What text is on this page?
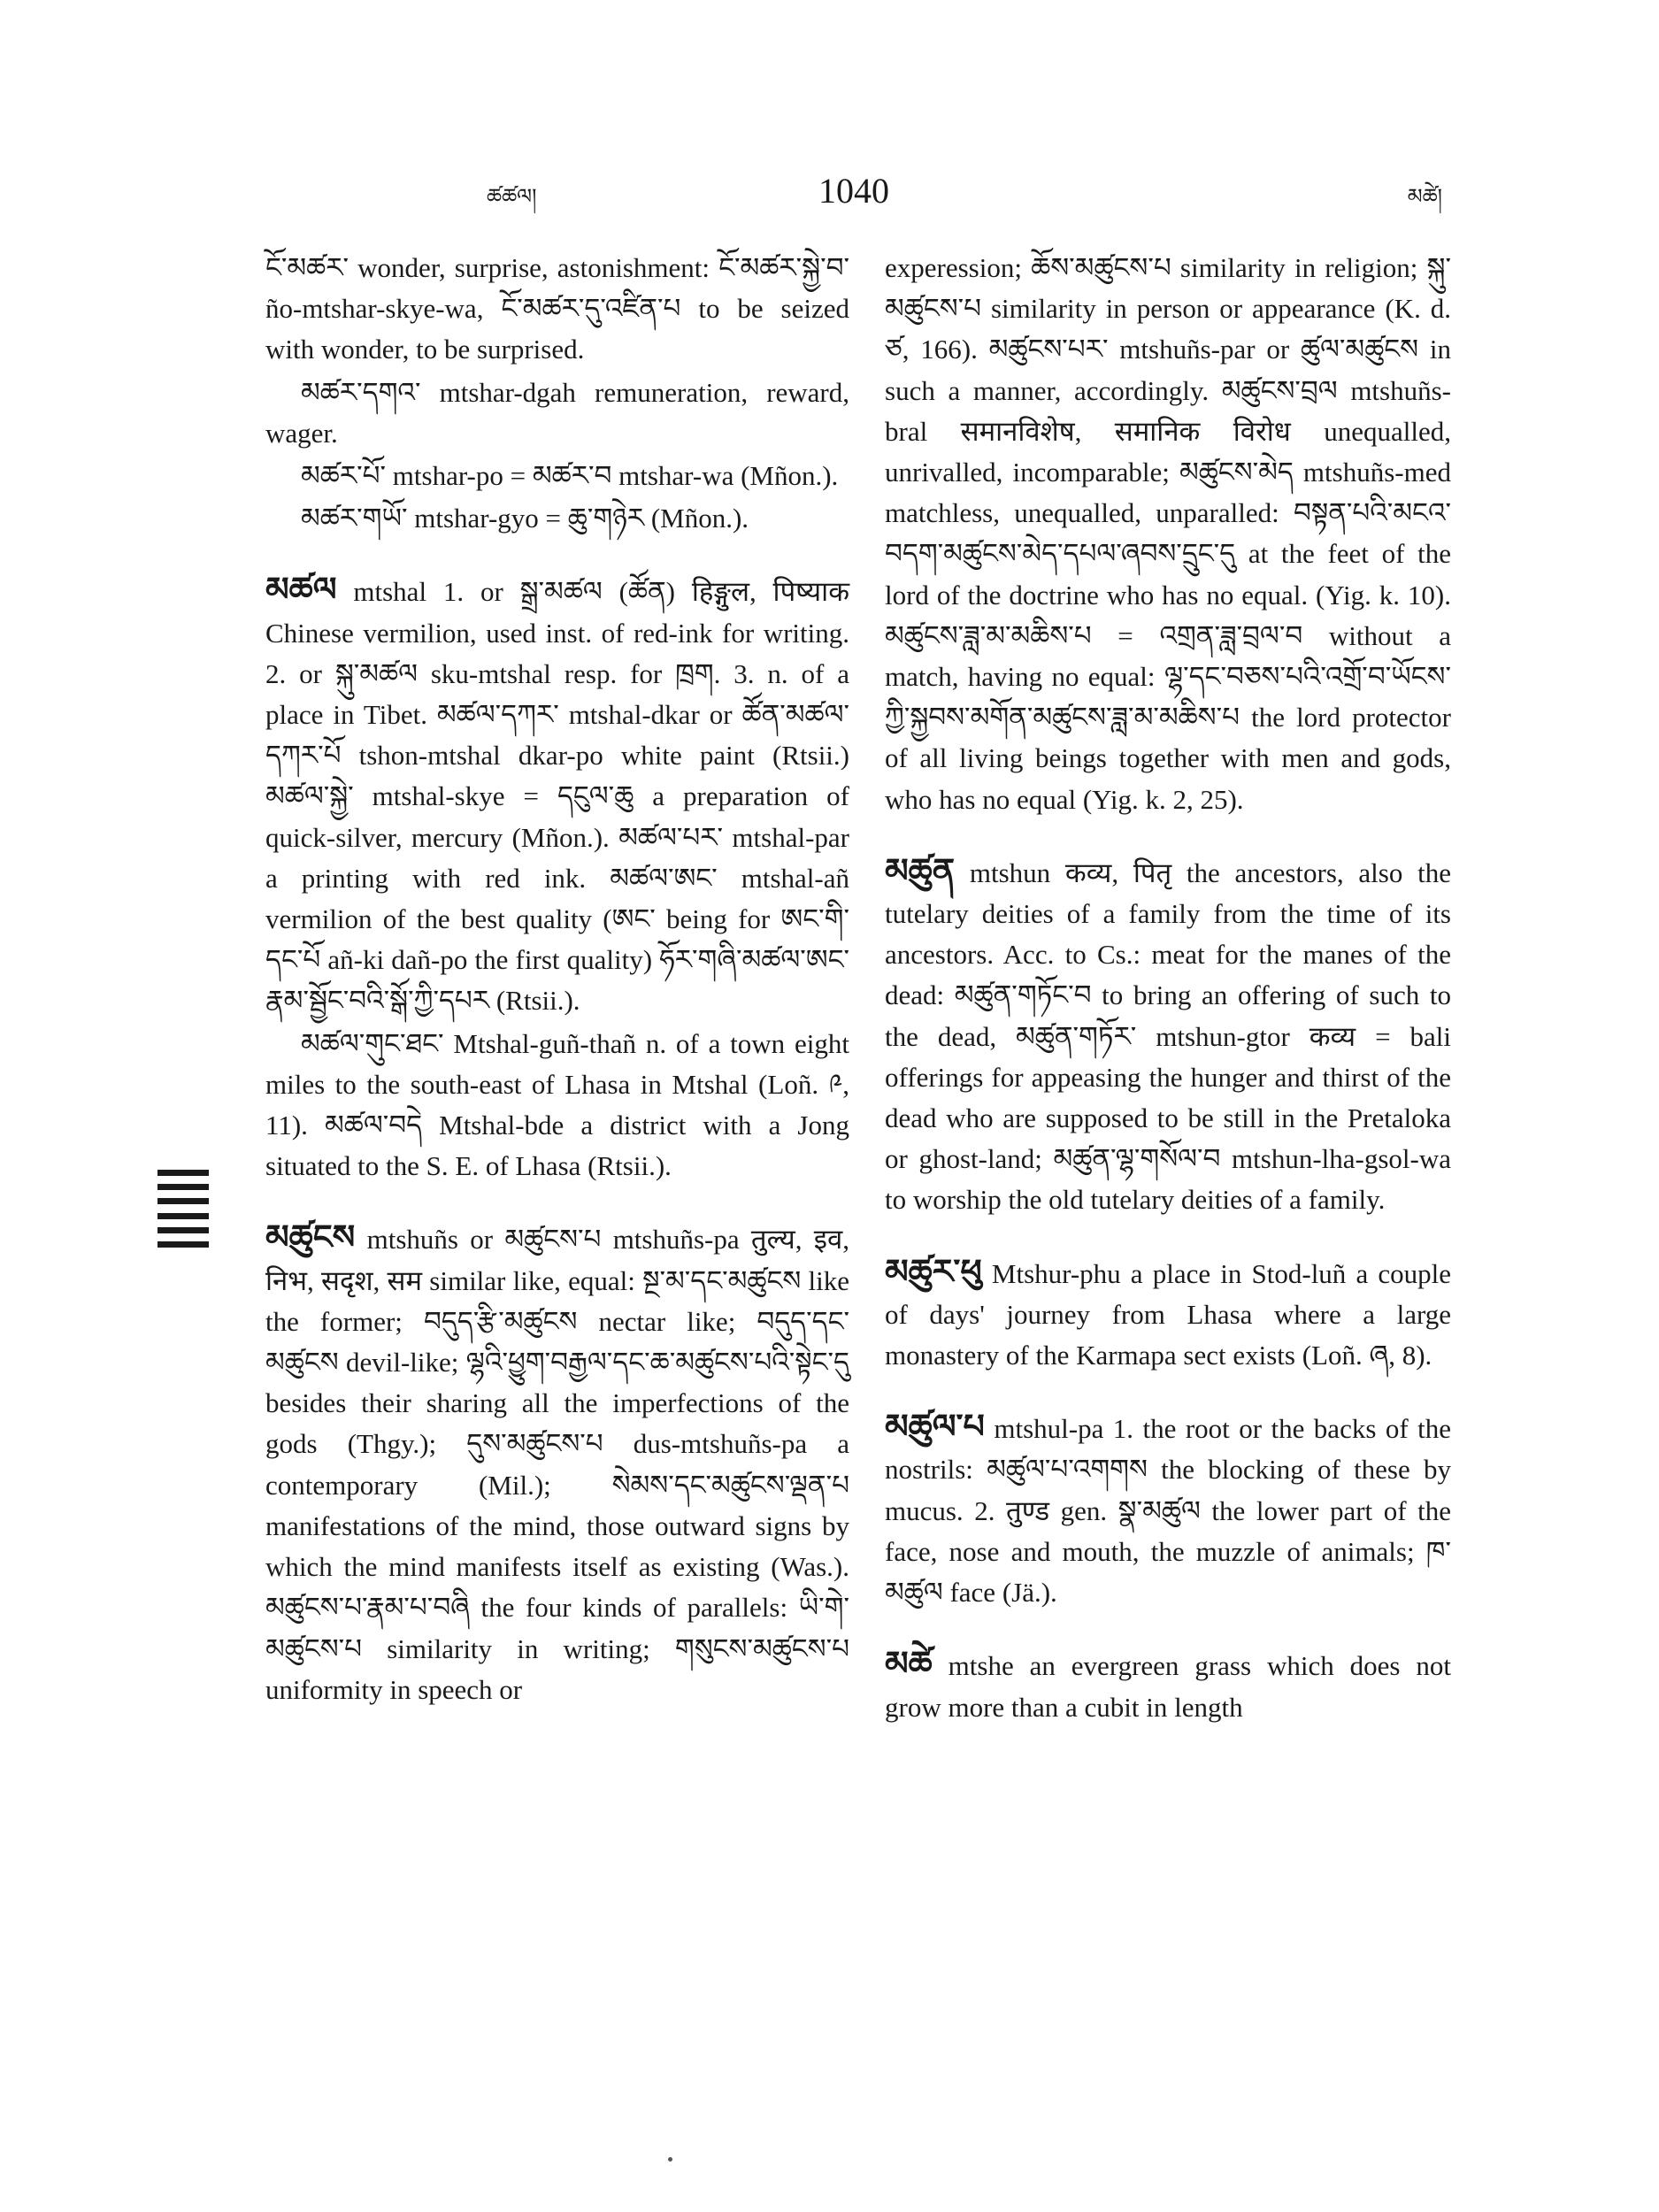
ཚཚལ།	1040	མཚེ།
ངོ་མཚར་ wonder, surprise, astonishment: ངོ་མཚར་སྐྱེ་བ་ ño-mtshar-skye-wa, ངོ་མཚར་དུ་འཛིན་པ to be seized with wonder, to be surprised.
མཚར་དགའ་ mtshar-dgah remuneration, reward, wager.
མཚར་པོ་ mtshar-po = མཚར་བ mtshar-wa (Mñon.).
མཚར་གཡོ་ mtshar-gyo = ཆུ་གཉེར (Mñon.).
མཚལ mtshal 1. or སྒྲ་མཚལ (ཚོན) हिङ्गुल, पिष्याक Chinese vermilion, used inst. of red-ink for writing. 2. or སྐུ་མཚལ sku-mtshal resp. for ཁྲག. 3. n. of a place in Tibet. མཚལ་དཀར་ mtshal-dkar or ཚོན་མཚལ་དཀར་པོ tshon-mtshal dkar-po white paint (Rtsii.) མཚལ་སྐྱེ་ mtshal-skye = དངུལ་ཆུ a preparation of quick-silver, mercury (Mñon.). མཚལ་པར་ mtshal-par a printing with red ink. མཚལ་ཨང་ mtshal-añ vermilion of the best quality (ཨང་ being for ཨང་གི་དང་པོ añ-ki dañ-po the first quality) ཧོར་གཞི་མཚལ་ཨང་རྣམ་སྦྱོང་བའི་སྒོ་ཀྱི་དཔར (Rtsii.).
མཚལ་གུང་ཐང་ Mtshal-guñ-thañ n. of a town eight miles to the south-east of Lhasa in Mtshal (Loñ. ༩, 11). མཚལ་བདེ Mtshal-bde a district with a Jong situated to the S. E. of Lhasa (Rtsii.).
མཚུངས mtshuñs or མཚུངས་པ mtshuñs-pa तुल्य, इव, निभ, सदृश, सम similar like, equal: སྔ་མ་དང་མཚུངས like the former; བདུད་རྩི་མཚུངས nectar like; བདུད་དང་མཚུངས devil-like; ལྷའི་ཕྱུག་བརྒྱལ་དང་ཆ་མཚུངས་པའི་སྟེང་དུ besides their sharing all the imperfections of the gods (Thgy.); དུས་མཚུངས་པ dus-mtshuñs-pa a contemporary (Mil.); སེམས་དང་མཚུངས་ལྡན་པ manifestations of the mind, those outward signs by which the mind manifests itself as existing (Was.). མཚུངས་པ་རྣམ་པ་བཞི the four kinds of parallels: ཡི་གེ་མཚུངས་པ similarity in writing; གསུངས་མཚུངས་པ uniformity in speech or
experession; ཆོས་མཚུངས་པ similarity in religion; སྐུ་མཚུངས་པ similarity in person or appearance (K. d. ཙ, 166). མཚུངས་པར་ mtshuñs-par or ཚུལ་མཚུངས in such a manner, accordingly. མཚུངས་བྲལ mtshuñs-bral समानविशेष, समानिक विरोध unequalled, unrivalled, incomparable; མཚུངས་མེད mtshuñs-med matchless, unequalled, unparalled: བསྟན་པའི་མངའ་བདག་མཚུངས་མེད་དཔལ་ཞབས་དྲུང་དུ at the feet of the lord of the doctrine who has no equal. (Yig. k. 10). མཚུངས་ཟླ་མ་མཆིས་པ = འགྲན་ཟླ་བྲལ་བ without a match, having no equal: ལྷ་དང་བཅས་པའི་འགྲོ་བ་ཡོངས་ཀྱི་སྐྱབས་མགོན་མཚུངས་ཟླ་མ་མཆིས་པ the lord protector of all living beings together with men and gods, who has no equal (Yig. k. 2, 25).
མཚུན mtshun कव्य, पितृ the ancestors, also the tutelary deities of a family from the time of its ancestors. Acc. to Cs.: meat for the manes of the dead: མཚུན་གཏོང་བ to bring an offering of such to the dead, མཚུན་གཏོར་ mtshun-gtor कव्य = bali offerings for appeasing the hunger and thirst of the dead who are supposed to be still in the Pretaloka or ghost-land; མཚུན་ལྷ་གསོལ་བ mtshun-lha-gsol-wa to worship the old tutelary deities of a family.
མཚུར་ཕུ Mtshur-phu a place in Stod-luñ a couple of days' journey from Lhasa where a large monastery of the Karmapa sect exists (Loñ. ཞ, 8).
མཚུལ་པ mtshul-pa 1. the root or the backs of the nostrils: མཚུལ་པ་འགགས the blocking of these by mucus. 2. तुण्ड gen. སྣ་མཚུལ the lower part of the face, nose and mouth, the muzzle of animals; ཁ་མཚུལ face (Jä.).
མཚེ mtshe an evergreen grass which does not grow more than a cubit in length
